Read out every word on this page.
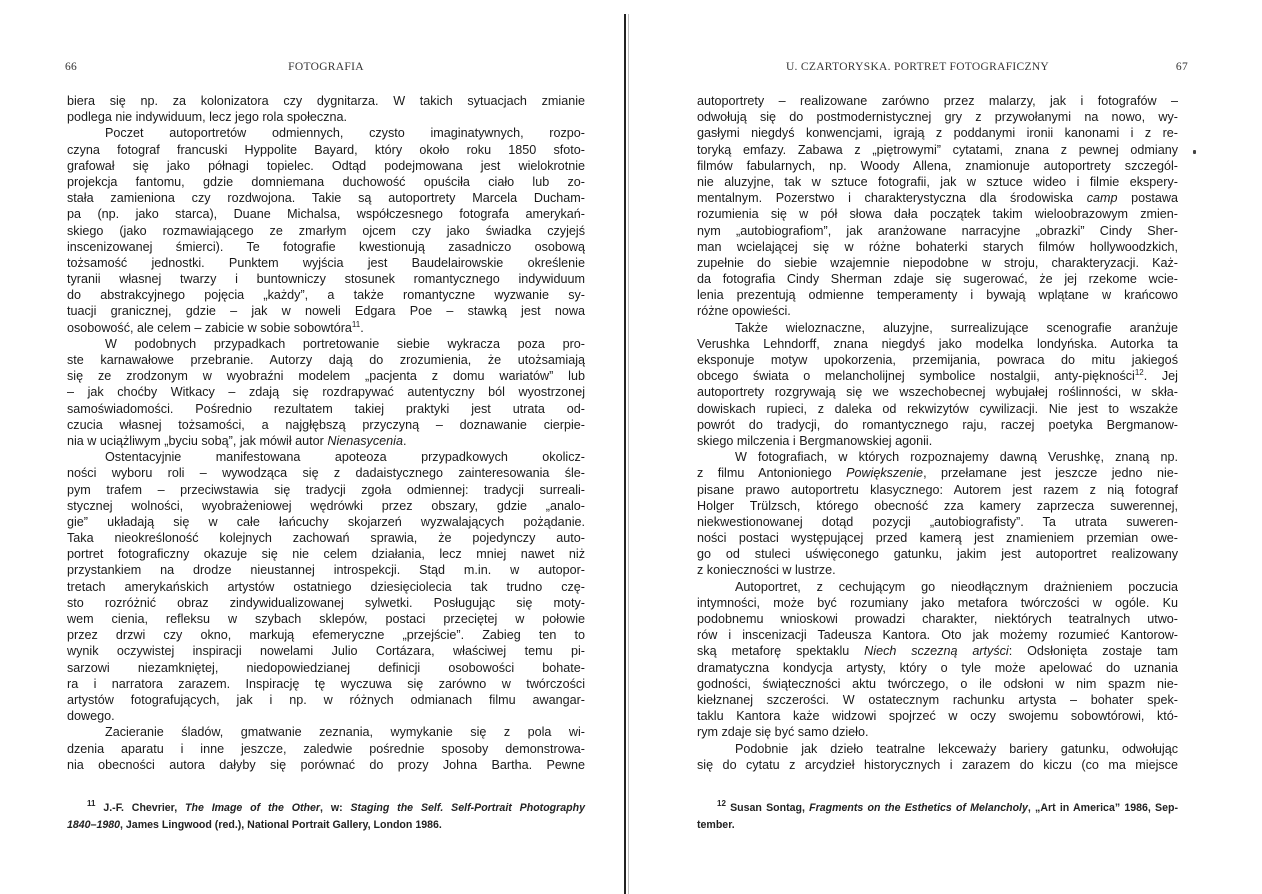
66	FOTOGRAFIA
biera się np. za kolonizatora czy dygnitarza. W takich sytuacjach zmianie
podlega nie indywiduum, lecz jego rola społeczna.
Poczet autoportretów odmiennych, czysto imaginatywnych, rozpo-
czyna fotograf francuski Hyppolite Bayard, który około roku 1850 sfoto-
grafował się jako półnagi topielec. Odtąd podejmowana jest wielokrotnie
projekcja fantomu, gdzie domniemana duchowość opuściła ciało lub zo-
stała zamieniona czy rozdwojona. Takie są autoportrety Marcela Ducham-
pa (np. jako starca), Duane Michalsa, współczesnego fotografa amerykań-
skiego (jako rozmawiającego ze zmarłym ojcem czy jako świadka czyjejś
inscenizowanej śmierci). Te fotografie kwestionują zasadniczo osobową
tożsamość jednostki. Punktem wyjścia jest Baudelairowskie określenie
tyranii własnej twarzy i buntowniczy stosunek romantycznego indywiduum
do abstrakcyjnego pojęcia „każdy”, a także romantyczne wyzwanie sy-
tuacji granicznej, gdzie – jak w noweli Edgara Poe – stawką jest nowa
osobowość, ale celem – zabicie w sobie sobowtóra$^{11}$.
W podobnych przypadkach portretowanie siebie wykracza poza pro-
ste karnawałowe przebranie. Autorzy dają do zrozumienia, że utożsamiają
się ze zrodzonym w wyobraźni modelem „pacjenta z domu wariatów” lub
– jak choćby Witkacy – zdają się rozdrapywać autentyczny ból wyostrzonej
samoświadomości. Pośrednio rezultatem takiej praktyki jest utrata od-
czucia własnej tożsamości, a najgłębszą przyczyną – doznawanie cierpie-
nia w uciążliwym „byciu sobą”, jak mówił autor Nienasycenia.
Ostentacyjnie manifestowana apoteoza przypadkowych okolicz-
ności wyboru roli – wywodząca się z dadaistycznego zainteresowania śle-
pym trafem – przeciwstawia się tradycji zgoła odmiennej: tradycji surreali-
stycznej wolności, wyobrażeniowej wędrówki przez obszary, gdzie „analo-
gie” układają się w całe łańcuchy skojarzeń wyzwalających pożądanie.
Taka nieokreśloność kolejnych zachowań sprawia, że pojedynczy auto-
portret fotograficzny okazuje się nie celem działania, lecz mniej nawet niż
przystankiem na drodze nieustannej introspekcji. Stąd m.in. w autopor-
tretach amerykańskich artystów ostatniego dziesięciolecia tak trudno czę-
sto rozróżnić obraz zindywidualizowanej sylwetki. Posługując się moty-
wem cienia, refleksu w szybach sklepów, postaci przeciętej w połowie
przez drzwi czy okno, markują efemeryczne „przejście”. Zabieg ten to
wynik oczywistej inspiracji nowelami Julio Cortázara, właściwej temu pi-
sarzowi niezamkniętej, niedopowiedzianej definicji osobowości bohate-
ra i narratora zarazem. Inspirację tę wyczuwa się zarówno w twórczości
artystów fotografujących, jak i np. w różnych odmianach filmu awangar-
dowego.
Zacieranie śladów, gmatwanie zeznania, wymykanie się z pola wi-
dzenia aparatu i inne jeszcze, zaledwie pośrednie sposoby demonstrowa-
nia obecności autora dałyby się porównać do prozy Johna Bartha. Pewne
$^{11}$ J.-F. Chevrier, The Image of the Other, w: Staging the Self. Self-Portrait Photography
1840–1980, James Lingwood (red.), National Portrait Gallery, London 1986.
U. CZARTORYSKA. PORTRET FOTOGRAFICZNY	67
autoportrety – realizowane zarówno przez malarzy, jak i fotografów –
odwołują się do postmodernistycznej gry z przywołanymi na nowo, wy-
gasłymi niegdyś konwencjami, igrają z poddanymi ironii kanonami i z re-
toryką emfazy. Zabawa z „piętrowymi” cytatami, znana z pewnej odmiany
filmów fabularnych, np. Woody Allena, znamionuje autoportrety szczegól-
nie aluzyjne, tak w sztuce fotografii, jak w sztuce wideo i filmie ekspery-
mentalnym. Pozerstwo i charakterystyczna dla środowiska camp postawa
rozumienia się w pół słowa dała początek takim wieloobrazowym zmien-
nym „autobiografiom”, jak aranżowane narracyjne „obrazki” Cindy Sher-
man wcielającej się w różne bohaterki starych filmów hollywoodzkich,
zupełnie do siebie wzajemnie niepodobne w stroju, charakteryzacji. Każ-
da fotografia Cindy Sherman zdaje się sugerować, że jej rzekome wcie-
lenia prezentują odmienne temperamenty i bywają wplątane w krańcowo
różne opowieści.
Także wieloznaczne, aluzyjne, surrealizujące scenografie aranżuje
Verushka Lehndorff, znana niegdyś jako modelka londyńska. Autorka ta
eksponuje motyw upokorzenia, przemijania, powraca do mitu jakiegoś
obcego świata o melancholijnej symbolice nostalgii, anty-piękności$^{12}$. Jej
autoportrety rozgrywają się we wszechobecnej wybujałej roślinności, w skła-
dowiskach rupieci, z daleka od rekwizytów cywilizacji. Nie jest to wszakże
powrót do tradycji, do romantycznego raju, raczej poetyka Bergmanow-
skiego milczenia i Bergmanowskiej agonii.
W fotografiach, w których rozpoznajemy dawną Verushkę, znaną np.
z filmu Antonioniego Powiększenie, przełamane jest jeszcze jedno nie-
pisane prawo autoportretu klasycznego: Autorem jest razem z nią fotograf
Holger Trülzsch, którego obecność zza kamery zaprzecza suwerennej,
niekwestionowanej dotąd pozycji „autobiografisty”. Ta utrata suweren-
ności postaci występującej przed kamerą jest znamieniem przemian owe-
go od stuleci uświęconego gatunku, jakim jest autoportret realizowany
z konieczności w lustrze.
Autoportret, z cechującym go nieodłącznym drażnieniem poczucia
intymności, może być rozumiany jako metafora twórczości w ogóle. Ku
podobnemu wnioskowi prowadzi charakter, niektórych teatralnych utwo-
rów i inscenizacji Tadeusza Kantora. Oto jak możemy rozumieć Kantorow-
ską metaforę spektaklu Niech sczezną artyści: Odsłonięta zostaje tam
dramatyczna kondycja artysty, który o tyle może apelować do uznania
godności, świąteczności aktu twórczego, o ile odsłoni w nim spazm nie-
kiełznanej szczerości. W ostatecznym rachunku artysta – bohater spek-
taklu Kantora każe widzowi spojrzeć w oczy swojemu sobowtórowi, któ-
rym zdaje się być samo dzieło.
Podobnie jak dzieło teatralne lekceważy bariery gatunku, odwołując
się do cytatu z arcydzieł historycznych i zarazem do kiczu (co ma miejsce
$^{12}$ Susan Sontag, Fragments on the Esthetics of Melancholy, „Art in America” 1986, Sep-
tember.
